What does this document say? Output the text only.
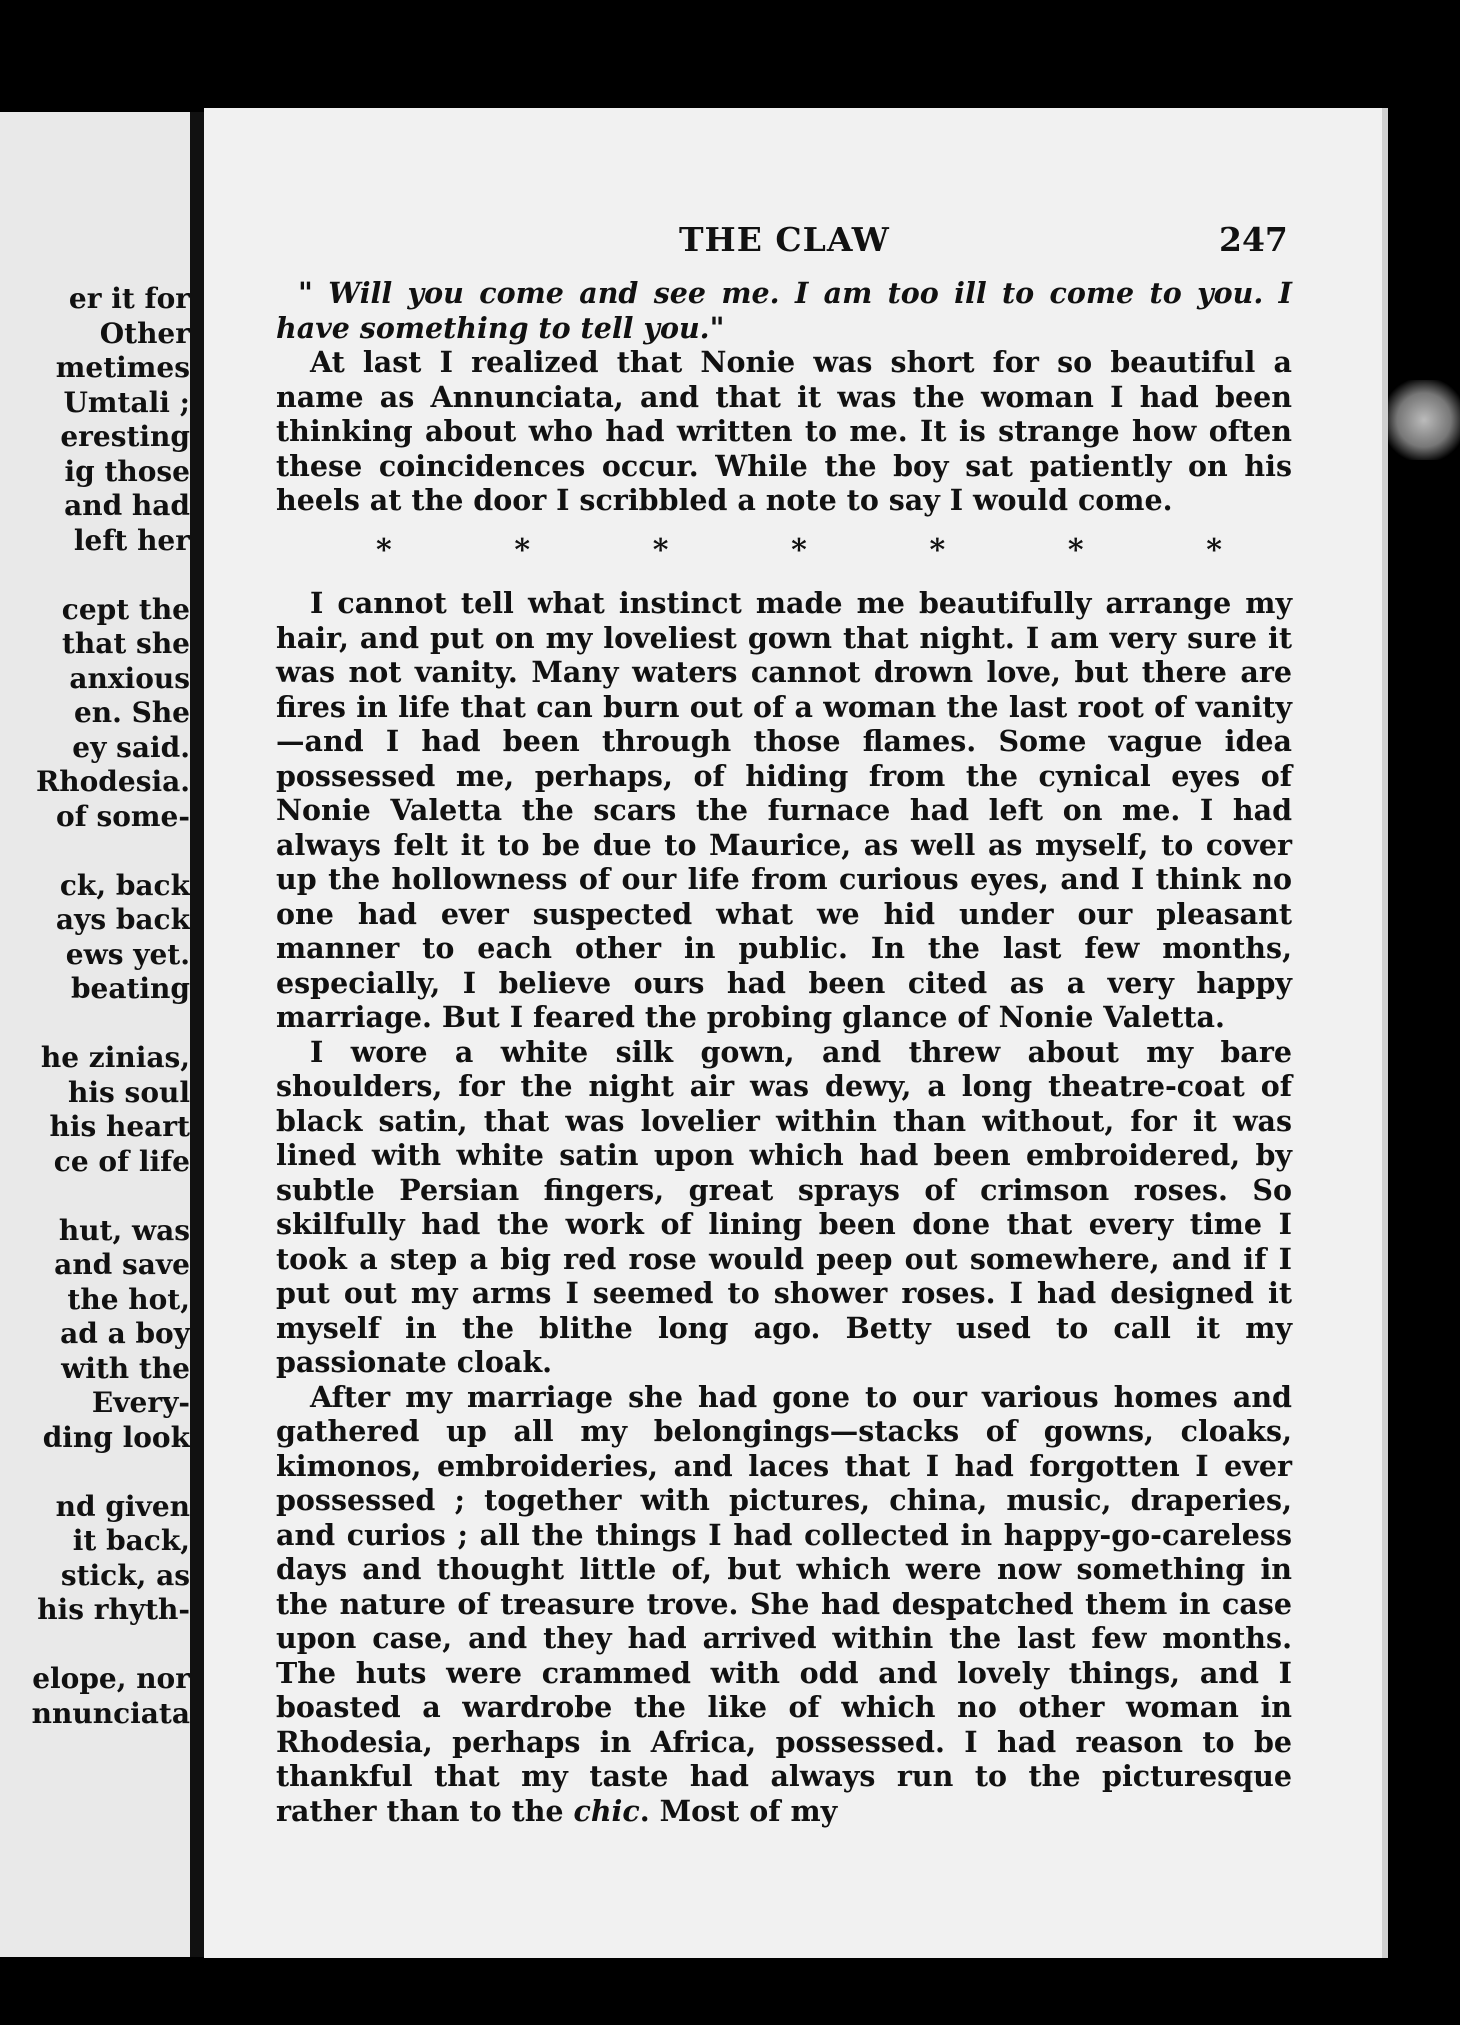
er it for
Other
metimes
Umtali ;
eresting
ig those
and had
left her
cept the
that she
anxious
en. She
ey said.
Rhodesia.
of some-
ck, back
ays back
ews yet.
beating
he zinias,
his soul
his heart
ce of life
hut, was
and save
the hot,
ad a boy
with the
Every-
ding look
nd given
it back,
stick, as
his rhyth-
elope, nor
nnunciata
THE CLAW	247

" Will you come and see me. I am too ill to come to you. I have something to tell you."

At last I realized that Nonie was short for so beautiful a name as Annunciata, and that it was the woman I had been thinking about who had written to me. It is strange how often these coincidences occur. While the boy sat patiently on his heels at the door I scribbled a note to say I would come.

*	*	*	*	*	*	*

I cannot tell what instinct made me beautifully arrange my hair, and put on my loveliest gown that night. I am very sure it was not vanity. Many waters cannot drown love, but there are fires in life that can burn out of a woman the last root of vanity—and I had been through those flames. Some vague idea possessed me, perhaps, of hiding from the cynical eyes of Nonie Valetta the scars the furnace had left on me. I had always felt it to be due to Maurice, as well as myself, to cover up the hollowness of our life from curious eyes, and I think no one had ever suspected what we hid under our pleasant manner to each other in public. In the last few months, especially, I believe ours had been cited as a very happy marriage. But I feared the probing glance of Nonie Valetta.

I wore a white silk gown, and threw about my bare shoulders, for the night air was dewy, a long theatre-coat of black satin, that was lovelier within than without, for it was lined with white satin upon which had been embroidered, by subtle Persian fingers, great sprays of crimson roses. So skilfully had the work of lining been done that every time I took a step a big red rose would peep out somewhere, and if I put out my arms I seemed to shower roses. I had designed it myself in the blithe long ago. Betty used to call it my passionate cloak.

After my marriage she had gone to our various homes and gathered up all my belongings—stacks of gowns, cloaks, kimonos, embroideries, and laces that I had forgotten I ever possessed ; together with pictures, china, music, draperies, and curios ; all the things I had collected in happy-go-careless days and thought little of, but which were now something in the nature of treasure trove. She had despatched them in case upon case, and they had arrived within the last few months. The huts were crammed with odd and lovely things, and I boasted a wardrobe the like of which no other woman in Rhodesia, perhaps in Africa, possessed. I had reason to be thankful that my taste had always run to the picturesque rather than to the chic. Most of my
